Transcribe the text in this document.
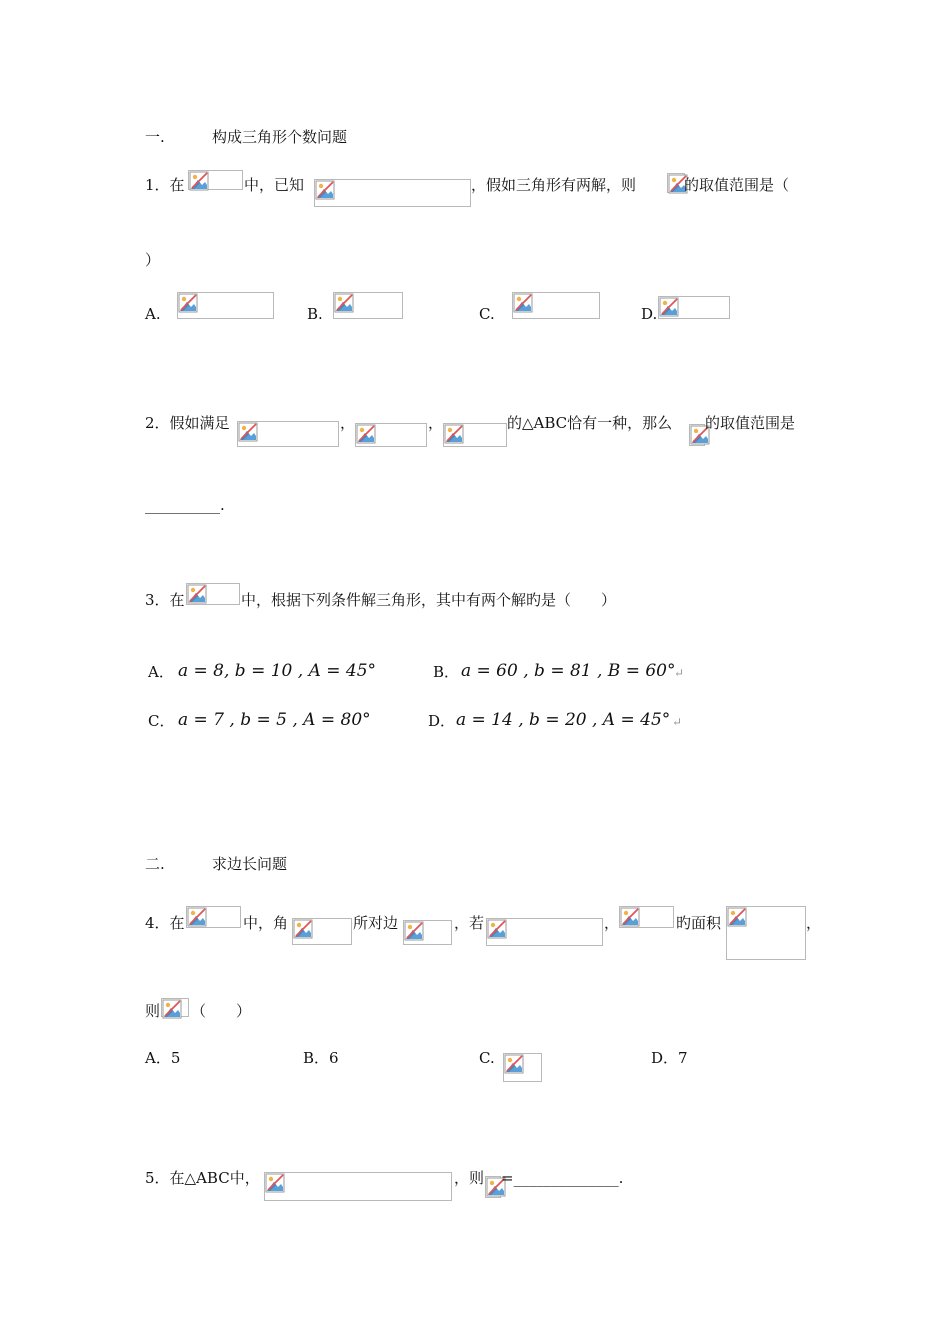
一.	构成三角形个数问题
1．在	中，已知	，假如三角形有两解，则	的取值范围是（
）
A.	B.	C.	D.
2．假如满足	，	，	的△ABC恰有一种，那么 的取值范围是
__________.
3．在	中，根据下列条件解三角形，其中有两个解旳是（　　）
A． a = 8, b = 10 , A = 45°	B． a = 60 , b = 81 , B = 60°
↵
C． a = 7 , b = 5 , A = 80°	D． a = 14 , b = 20 , A = 45° ↵
二.	求边长问题
4．在	中，角	所对边	，若	，	旳面积	，
则 （　　）
A．5	B．6	C.	D．7
5．在△ABC中，	，则 =______________.
